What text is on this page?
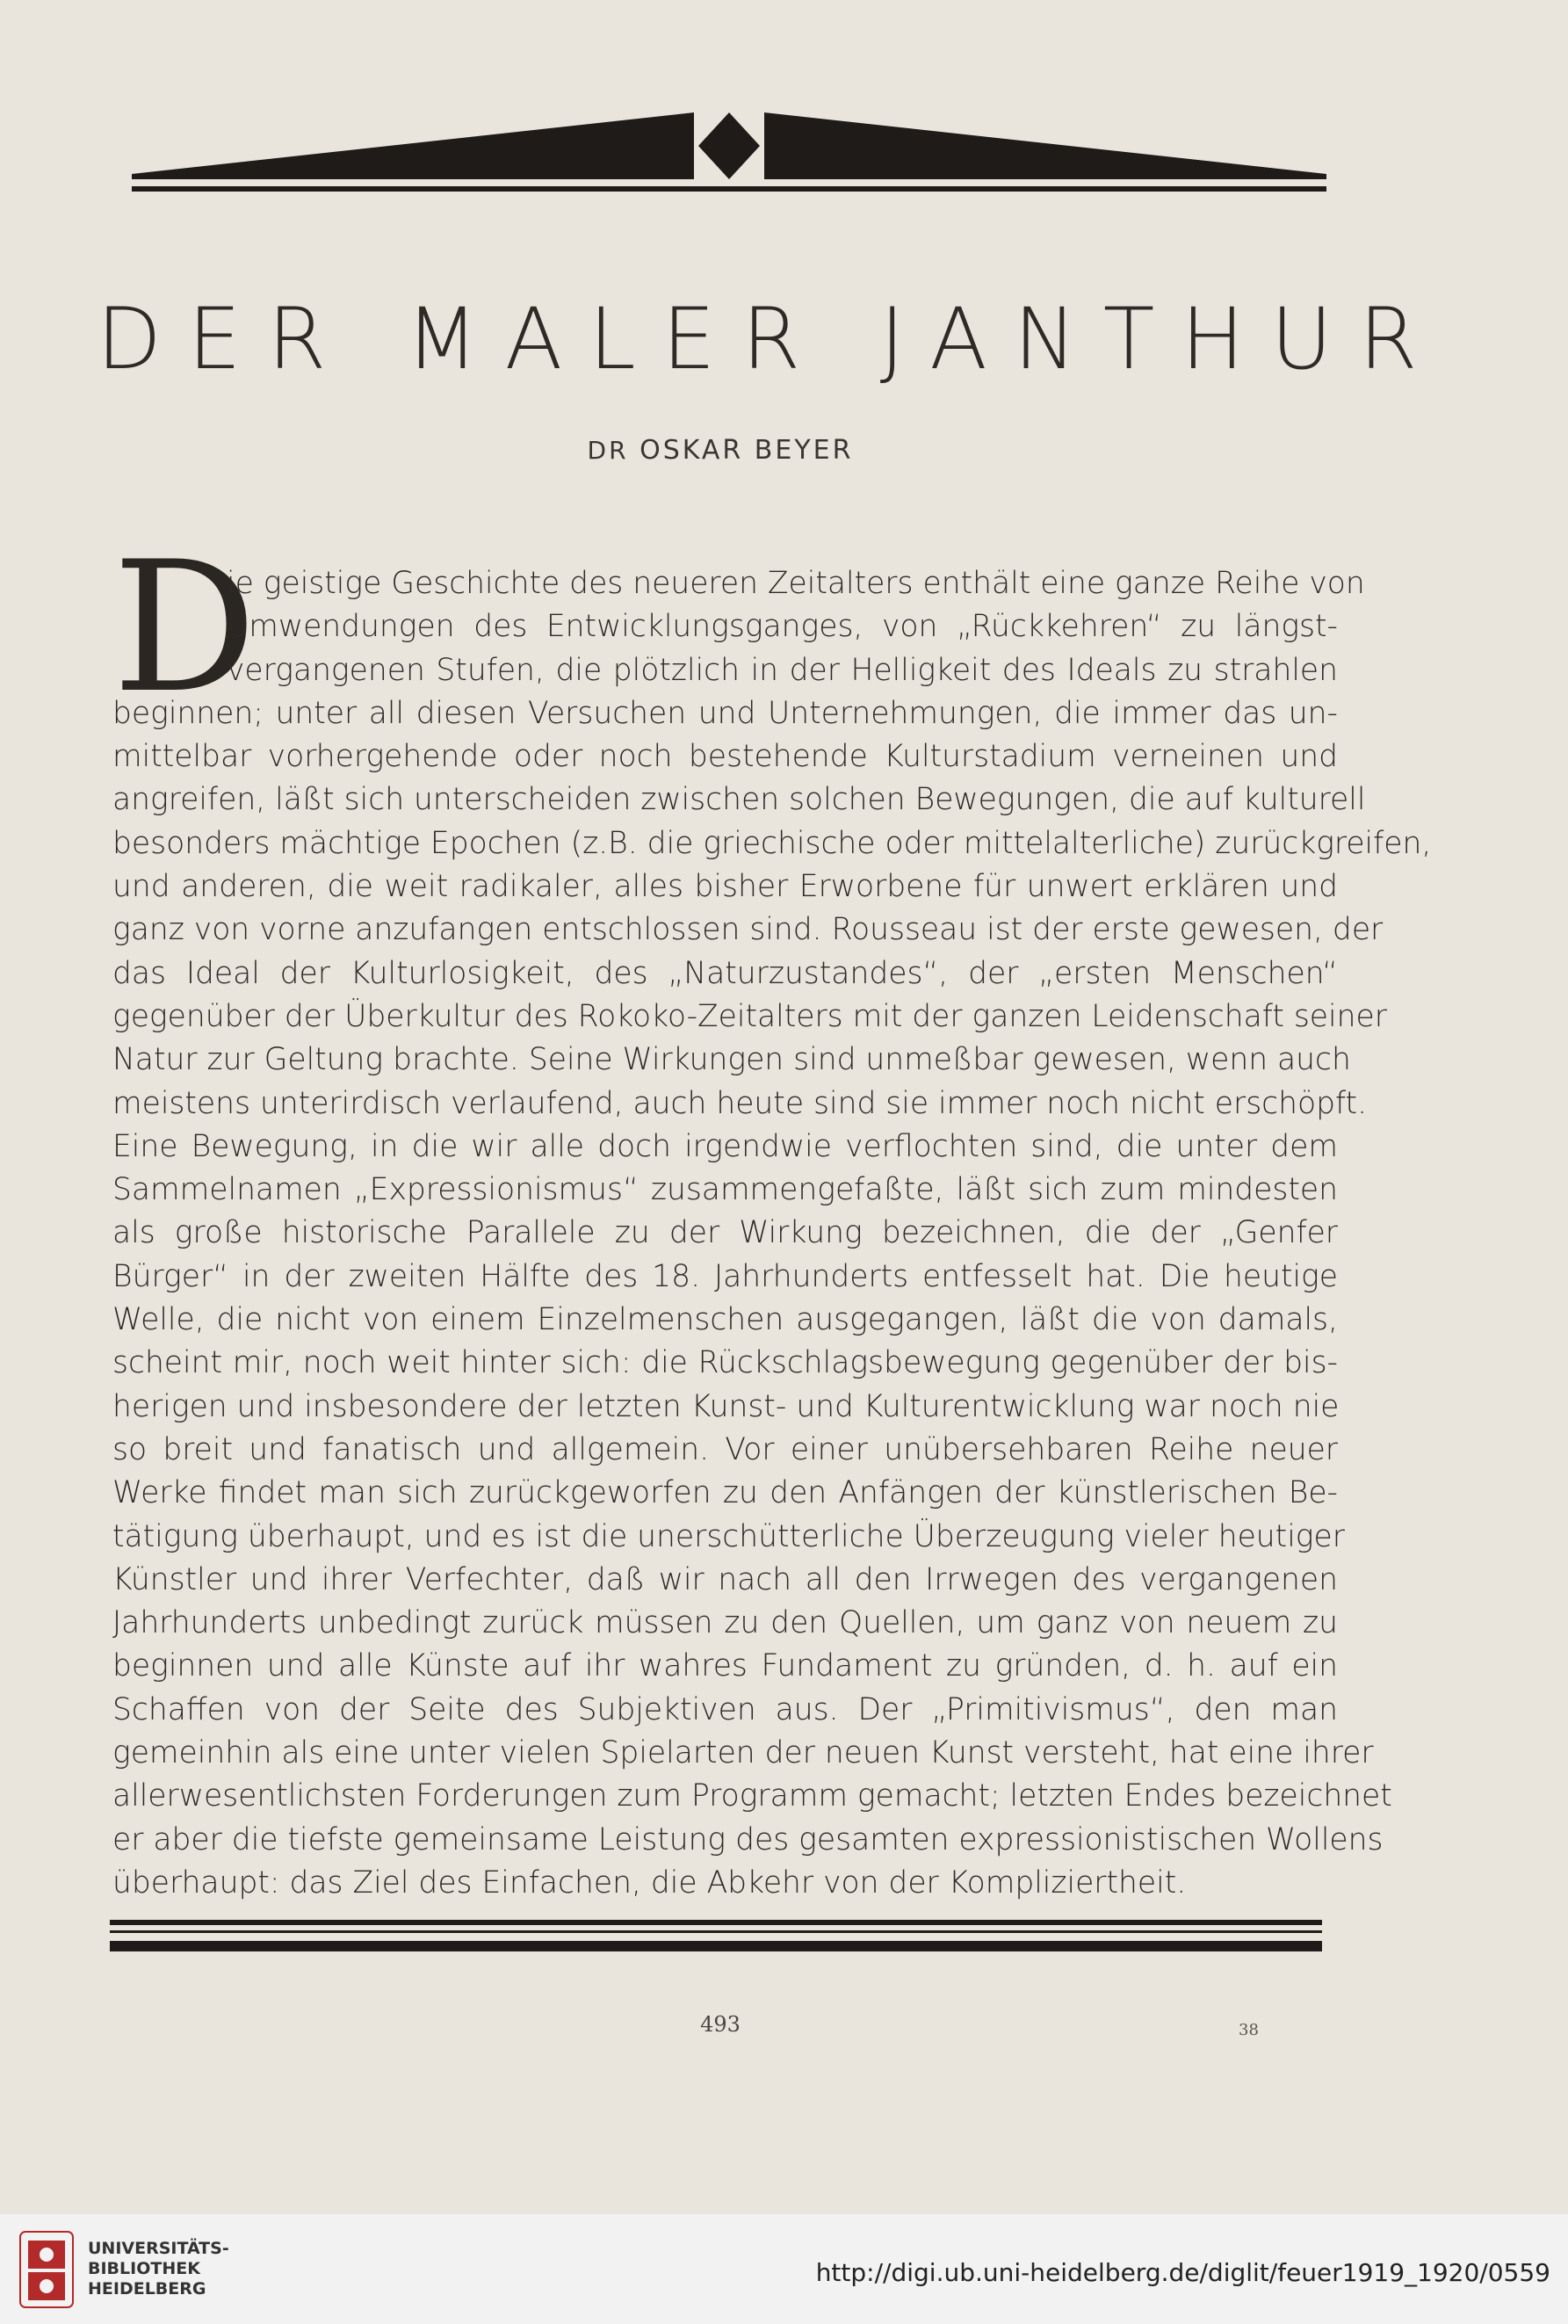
DER MALER JANTHUR
DR OSKAR BEYER
D
ie geistige Geschichte des neueren Zeitalters enthält eine ganze Reihe von
Umwendungen des Entwicklungsganges, von „Rückkehren“ zu längst-
vergangenen Stufen, die plötzlich in der Helligkeit des Ideals zu strahlen
beginnen; unter all diesen Versuchen und Unternehmungen, die immer das un-
mittelbar vorhergehende oder noch bestehende Kulturstadium verneinen und
angreifen, läßt sich unterscheiden zwischen solchen Bewegungen, die auf kulturell
besonders mächtige Epochen (z.B. die griechische oder mittelalterliche) zurückgreifen,
und anderen, die weit radikaler, alles bisher Erworbene für unwert erklären und
ganz von vorne anzufangen entschlossen sind. Rousseau ist der erste gewesen, der
das Ideal der Kulturlosigkeit, des „Naturzustandes“, der „ersten Menschen“
gegenüber der Überkultur des Rokoko-Zeitalters mit der ganzen Leidenschaft seiner
Natur zur Geltung brachte. Seine Wirkungen sind unmeßbar gewesen, wenn auch
meistens unterirdisch verlaufend, auch heute sind sie immer noch nicht erschöpft.
Eine Bewegung, in die wir alle doch irgendwie verflochten sind, die unter dem
Sammelnamen „Expressionismus“ zusammengefaßte, läßt sich zum mindesten
als große historische Parallele zu der Wirkung bezeichnen, die der „Genfer
Bürger“ in der zweiten Hälfte des 18. Jahrhunderts entfesselt hat. Die heutige
Welle, die nicht von einem Einzelmenschen ausgegangen, läßt die von damals,
scheint mir, noch weit hinter sich: die Rückschlagsbewegung gegenüber der bis-
herigen und insbesondere der letzten Kunst- und Kulturentwicklung war noch nie
so breit und fanatisch und allgemein. Vor einer unübersehbaren Reihe neuer
Werke findet man sich zurückgeworfen zu den Anfängen der künstlerischen Be-
tätigung überhaupt, und es ist die unerschütterliche Überzeugung vieler heutiger
Künstler und ihrer Verfechter, daß wir nach all den Irrwegen des vergangenen
Jahrhunderts unbedingt zurück müssen zu den Quellen, um ganz von neuem zu
beginnen und alle Künste auf ihr wahres Fundament zu gründen, d. h. auf ein
Schaffen von der Seite des Subjektiven aus. Der „Primitivismus“, den man
gemeinhin als eine unter vielen Spielarten der neuen Kunst versteht, hat eine ihrer
allerwesentlichsten Forderungen zum Programm gemacht; letzten Endes bezeichnet
er aber die tiefste gemeinsame Leistung des gesamten expressionistischen Wollens
überhaupt: das Ziel des Einfachen, die Abkehr von der Kompliziertheit.
493	38
UNIVERSITÄTS-
BIBLIOTHEK
HEIDELBERG
http://digi.ub.uni-heidelberg.de/diglit/feuer1919_1920/0559
